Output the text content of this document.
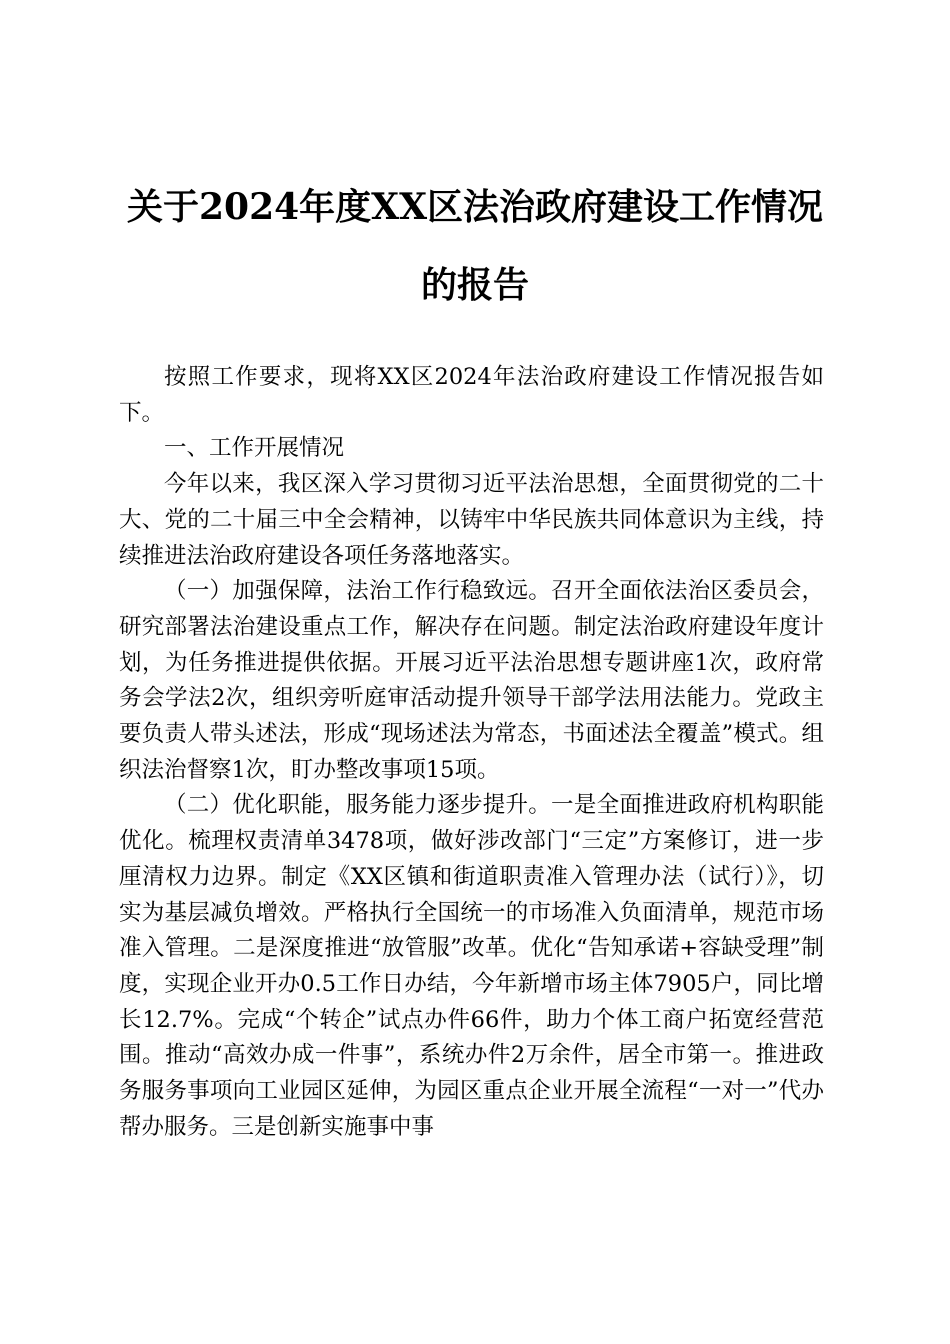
关于2024年度XX区法治政府建设工作情况
的报告

按照工作要求，现将XX区2024年法治政府建设工作情况报告如下。

一、工作开展情况

今年以来，我区深入学习贯彻习近平法治思想，全面贯彻党的二十大、党的二十届三中全会精神，以铸牢中华民族共同体意识为主线，持续推进法治政府建设各项任务落地落实。

（一）加强保障，法治工作行稳致远。召开全面依法治区委员会，研究部署法治建设重点工作，解决存在问题。制定法治政府建设年度计划，为任务推进提供依据。开展习近平法治思想专题讲座1次，政府常务会学法2次，组织旁听庭审活动提升领导干部学法用法能力。党政主要负责人带头述法，形成“现场述法为常态，书面述法全覆盖”模式。组织法治督察1次，盯办整改事项15项。

（二）优化职能，服务能力逐步提升。一是全面推进政府机构职能优化。梳理权责清单3478项，做好涉改部门“三定”方案修订，进一步厘清权力边界。制定《XX区镇和街道职责准入管理办法（试行）》，切实为基层减负增效。严格执行全国统一的市场准入负面清单，规范市场准入管理。二是深度推进“放管服”改革。优化“告知承诺+容缺受理”制度，实现企业开办0.5工作日办结，今年新增市场主体7905户，同比增长12.7%。完成“个转企”试点办件66件，助力个体工商户拓宽经营范围。推动“高效办成一件事”，系统办件2万余件，居全市第一。推进政务服务事项向工业园区延伸，为园区重点企业开展全流程“一对一”代办帮办服务。三是创新实施事中事
